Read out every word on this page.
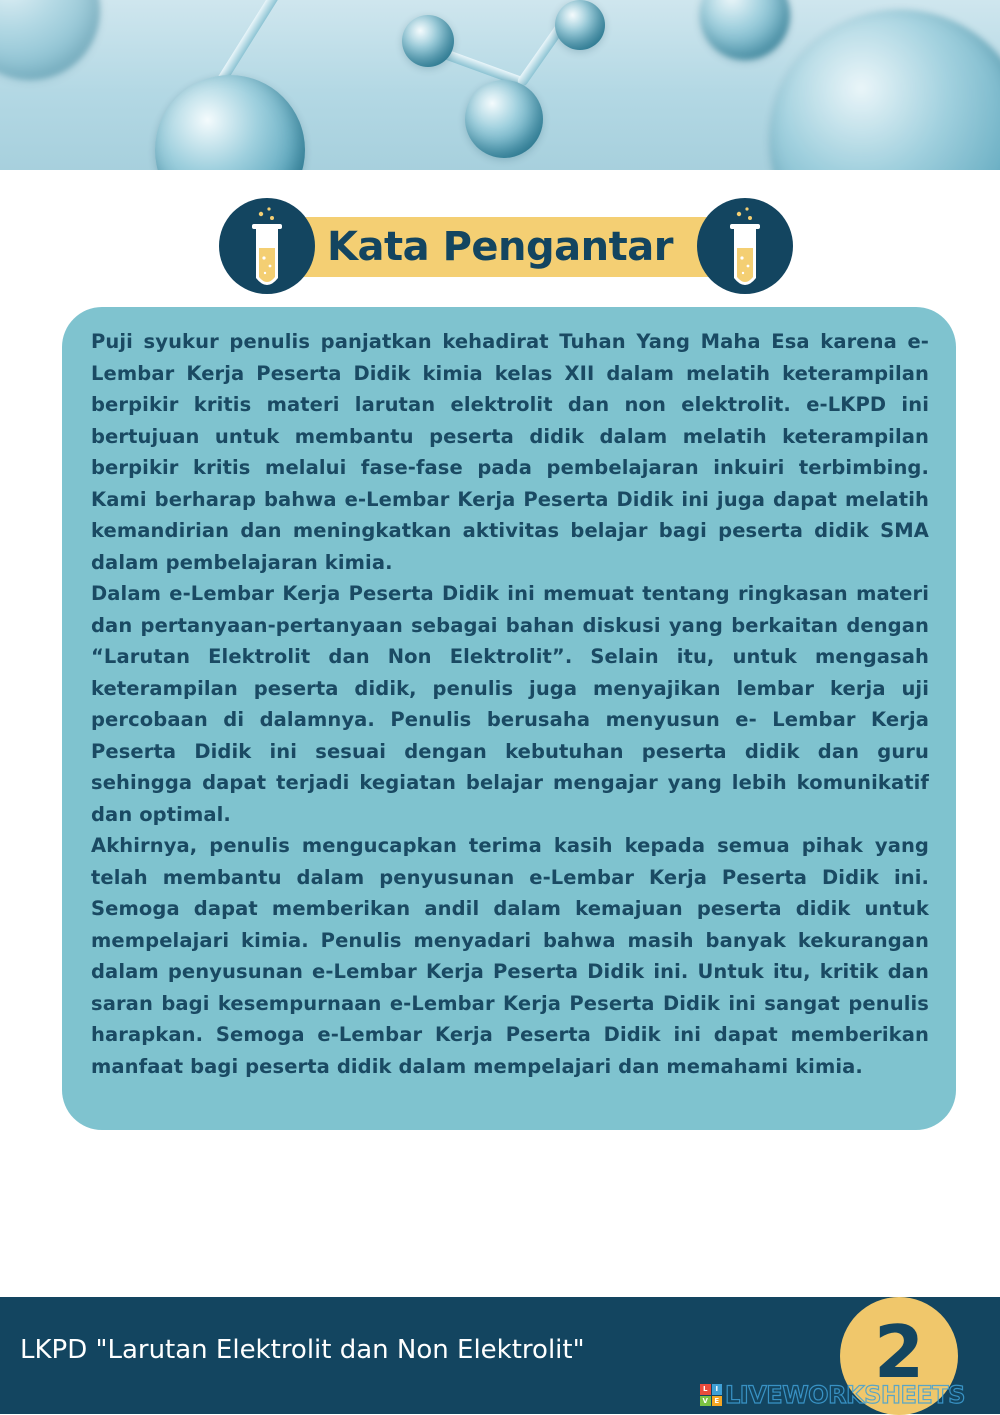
Kata Pengantar

Puji syukur penulis panjatkan kehadirat Tuhan Yang Maha Esa karena e-Lembar Kerja Peserta Didik kimia kelas XII dalam melatih keterampilan berpikir kritis materi larutan elektrolit dan non elektrolit. e-LKPD ini bertujuan untuk membantu peserta didik dalam melatih keterampilan berpikir kritis melalui fase-fase pada pembelajaran inkuiri terbimbing. Kami berharap bahwa e-Lembar Kerja Peserta Didik ini juga dapat melatih kemandirian dan meningkatkan aktivitas belajar bagi peserta didik SMA dalam pembelajaran kimia.

Dalam e-Lembar Kerja Peserta Didik ini memuat tentang ringkasan materi dan pertanyaan-pertanyaan sebagai bahan diskusi yang berkaitan dengan “Larutan Elektrolit dan Non Elektrolit”. Selain itu, untuk mengasah keterampilan peserta didik, penulis juga menyajikan lembar kerja uji percobaan di dalamnya. Penulis berusaha menyusun e- Lembar Kerja Peserta Didik ini sesuai dengan kebutuhan peserta didik dan guru sehingga dapat terjadi kegiatan belajar mengajar yang lebih komunikatif dan optimal.

Akhirnya, penulis mengucapkan terima kasih kepada semua pihak yang telah membantu dalam penyusunan e-Lembar Kerja Peserta Didik ini. Semoga dapat memberikan andil dalam kemajuan peserta didik untuk mempelajari kimia. Penulis menyadari bahwa masih banyak kekurangan dalam penyusunan e-Lembar Kerja Peserta Didik ini. Untuk itu, kritik dan saran bagi kesempurnaan e-Lembar Kerja Peserta Didik ini sangat penulis harapkan. Semoga e-Lembar Kerja Peserta Didik ini dapat memberikan manfaat bagi peserta didik dalam mempelajari dan memahami kimia.

LKPD "Larutan Elektrolit dan Non Elektrolit"	2
L	I
V E LIVEWORKSHEETS
